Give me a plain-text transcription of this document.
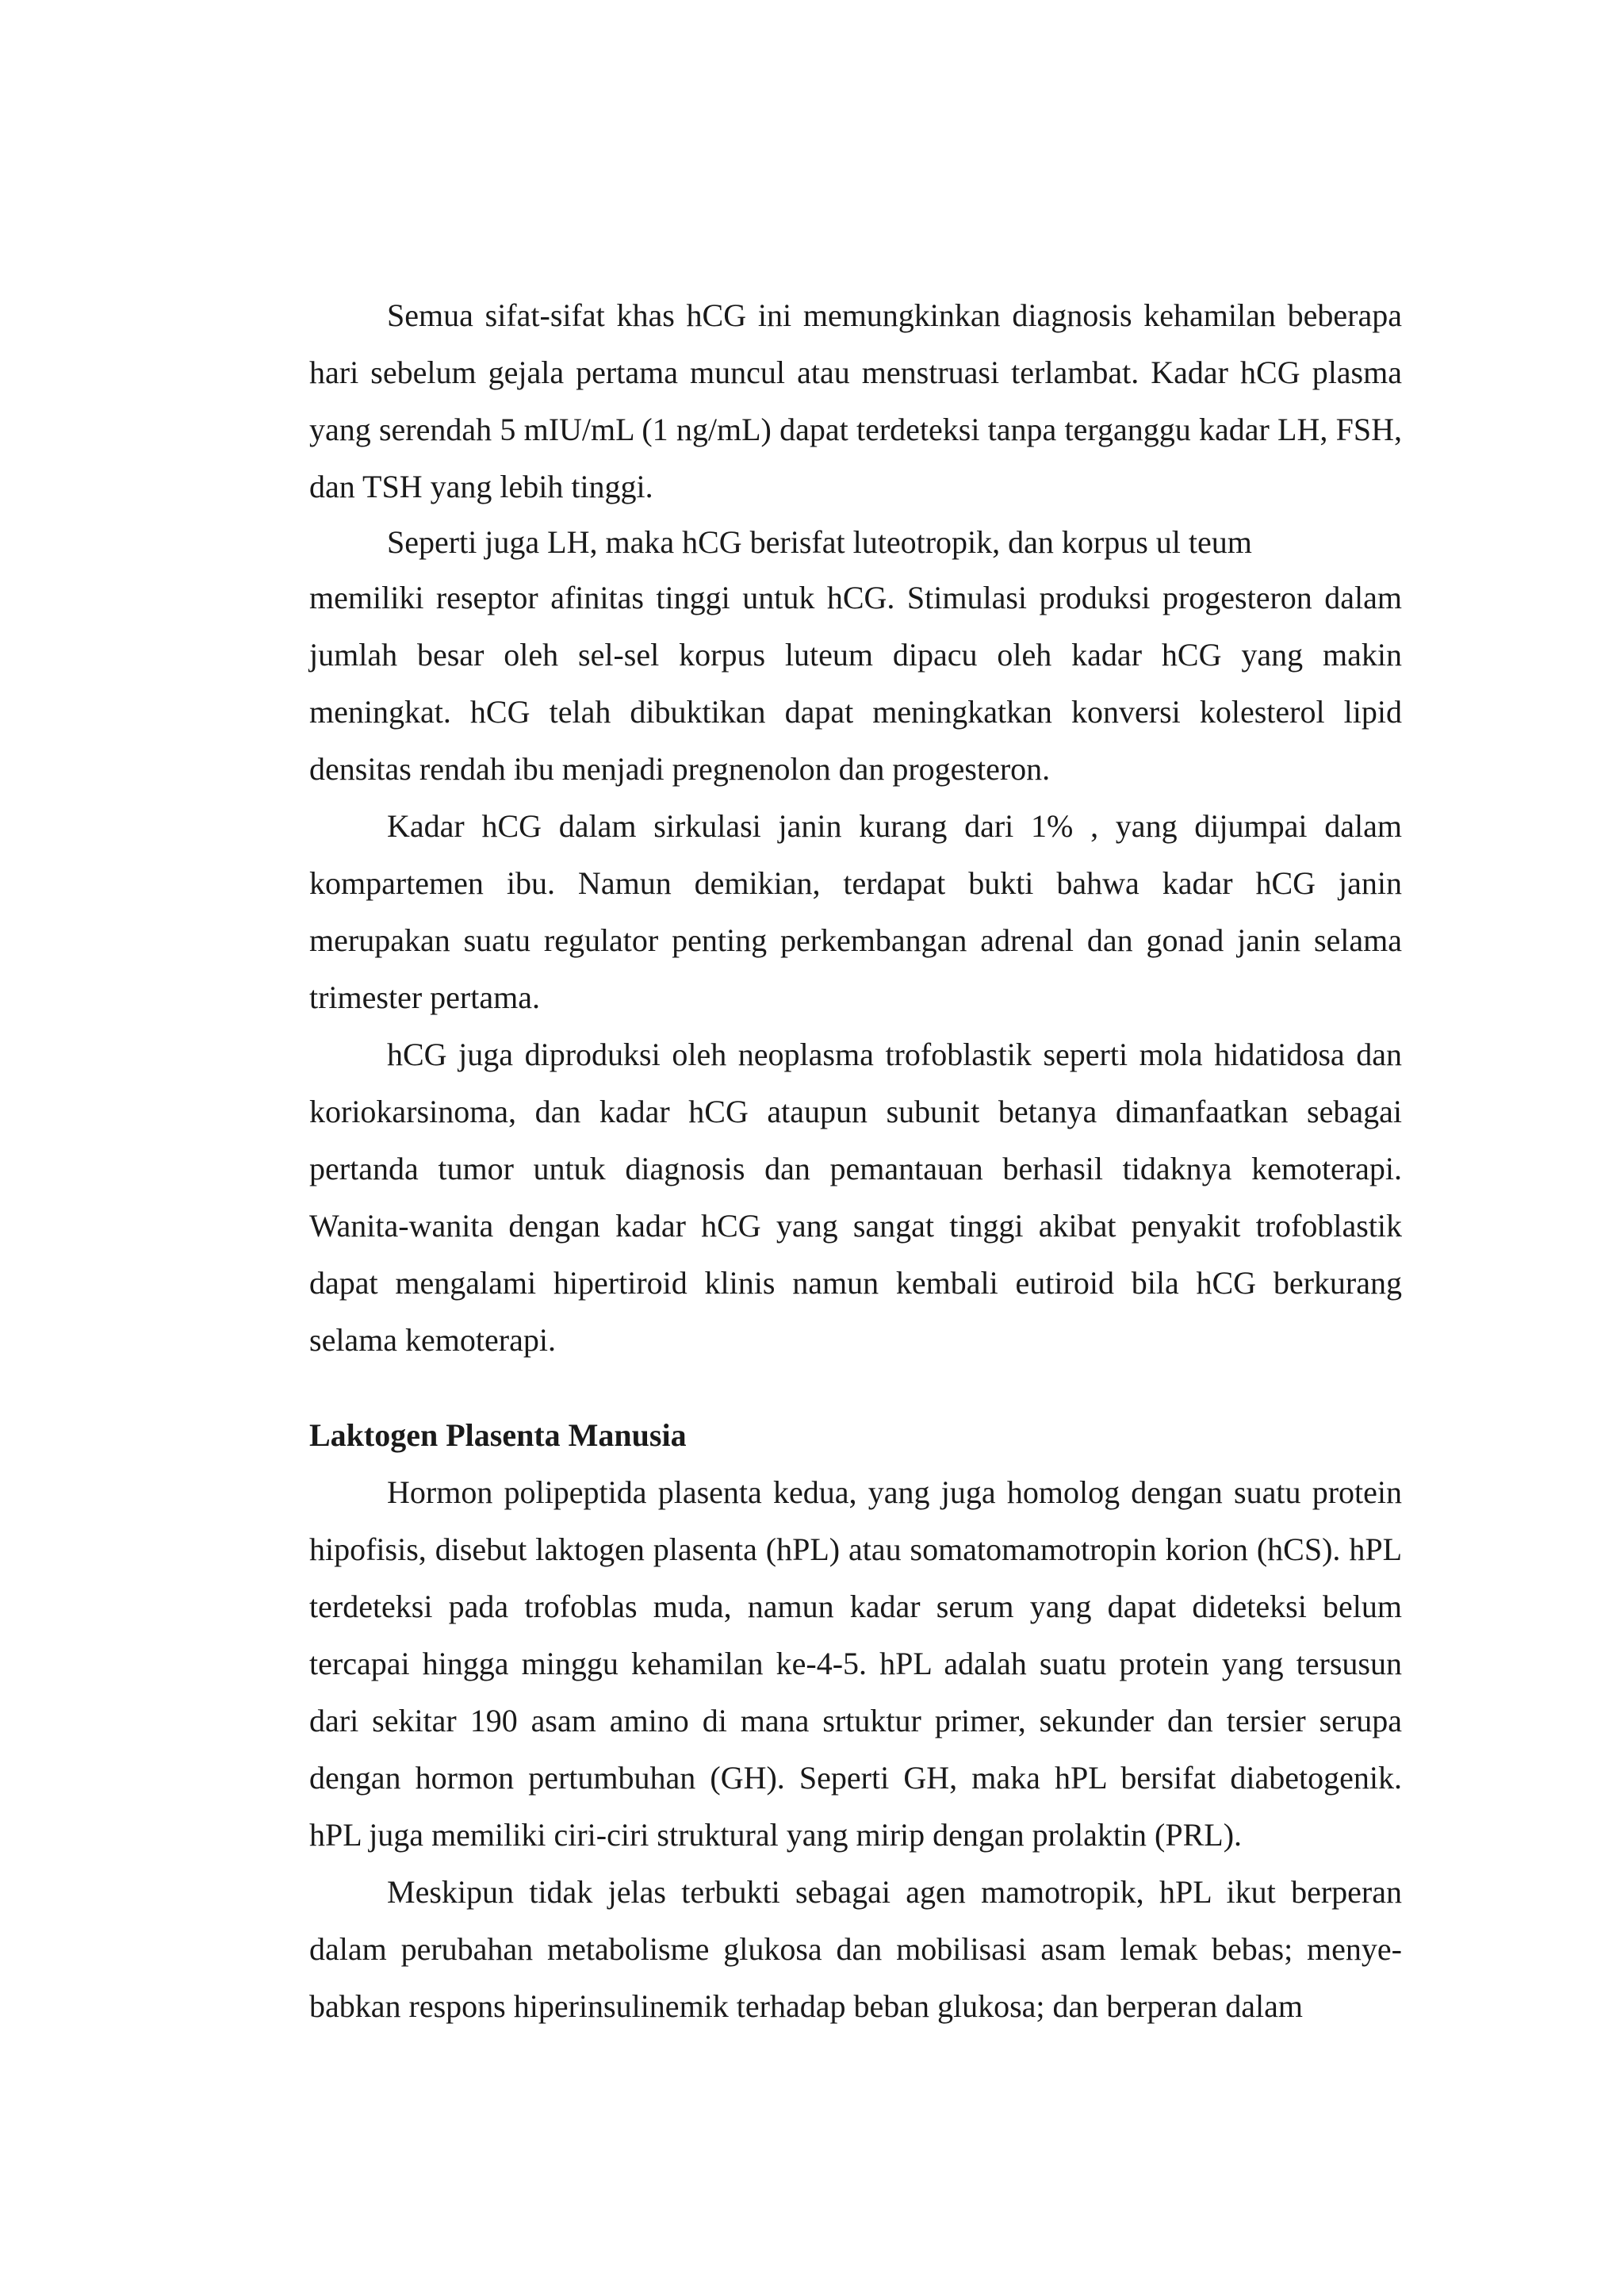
Semua sifat-sifat khas hCG ini memungkinkan diagnosis kehamilan beberapa hari sebelum gejala pertama muncul atau menstruasi terlambat. Kadar hCG plasma yang serendah 5 mIU/mL (1 ng/mL) dapat terdeteksi tanpa terganggu kadar LH, FSH, dan TSH yang lebih tinggi.

Seperti juga LH, maka hCG berisfat luteotropik, dan korpus ul teum

memiliki reseptor afinitas tinggi untuk hCG. Stimulasi produksi progesteron dalam jumlah besar oleh sel-sel korpus luteum dipacu oleh kadar hCG yang makin meningkat. hCG telah dibuktikan dapat meningkatkan konversi kolesterol lipid densitas rendah ibu menjadi pregnenolon dan progesteron.

Kadar hCG dalam sirkulasi janin kurang dari 1% , yang dijumpai dalam kompartemen ibu. Namun demikian, terdapat bukti bahwa kadar hCG janin merupakan suatu regulator penting perkembangan adrenal dan gonad janin selama trimester pertama.

hCG juga diproduksi oleh neoplasma trofoblastik seperti mola hidatidosa dan koriokarsinoma, dan kadar hCG ataupun subunit betanya dimanfaatkan sebagai pertanda tumor untuk diagnosis dan pemantauan berhasil tidaknya kemoterapi. Wanita-wanita dengan kadar hCG yang sangat tinggi akibat penyakit trofoblastik dapat mengalami hipertiroid klinis namun kembali eutiroid bila hCG berkurang selama kemoterapi.

Laktogen Plasenta Manusia

Hormon polipeptida plasenta kedua, yang juga homolog dengan suatu protein hipofisis, disebut laktogen plasenta (hPL) atau somatomamotropin korion (hCS). hPL terdeteksi pada trofoblas muda, namun kadar serum yang dapat dideteksi belum tercapai hingga minggu kehamilan ke-4-5. hPL adalah suatu protein yang tersusun dari sekitar 190 asam amino di mana srtuktur primer, sekunder dan tersier serupa dengan hormon pertumbuhan (GH). Seperti GH, maka hPL bersifat diabetogenik. hPL juga memiliki ciri-ciri struktural yang mirip dengan prolaktin (PRL).

Meskipun tidak jelas terbukti sebagai agen mamotropik, hPL ikut berperan dalam perubahan metabolisme glukosa dan mobilisasi asam lemak bebas; menye-babkan respons hiperinsulinemik terhadap beban glukosa; dan berperan dalam
